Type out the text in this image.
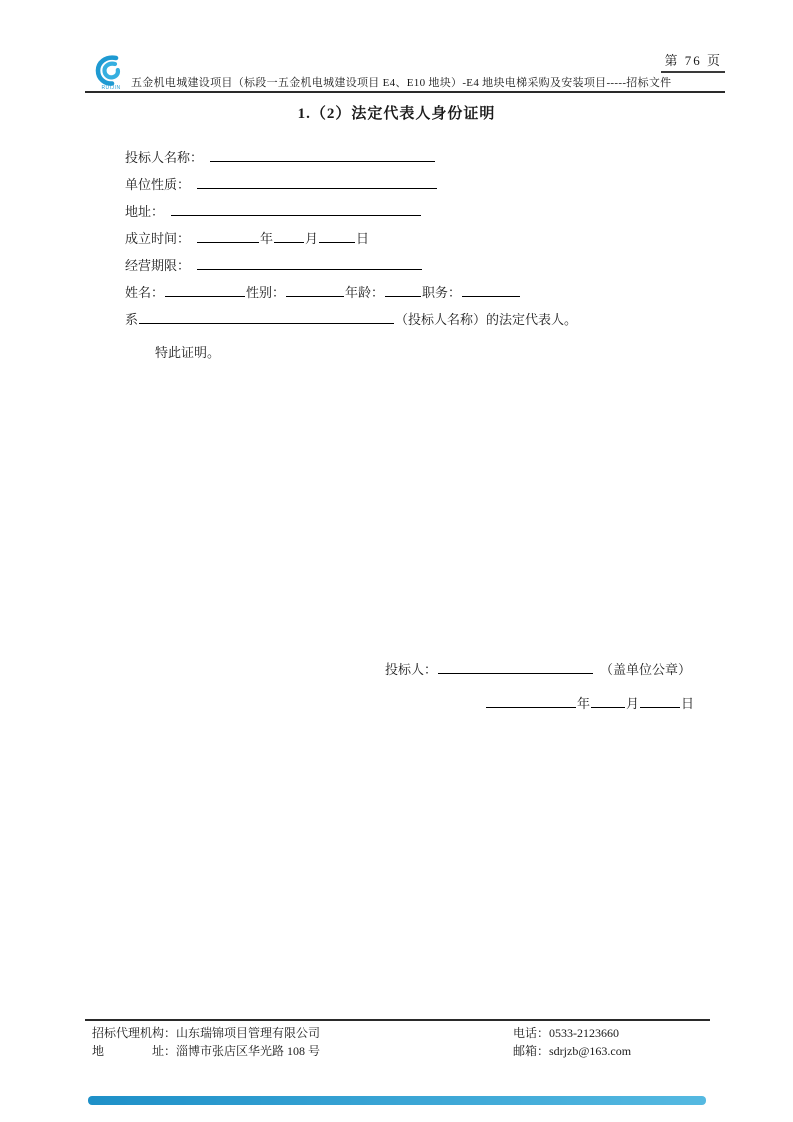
第 76 页
RUIJIN 五金机电城建设项目（标段一五金机电城建设项目 E4、E10 地块）-E4 地块电梯采购及安装项目-----招标文件
1.（2）法定代表人身份证明
投标人名称：
单位性质：
地址：
成立时间：	年 月	日
经营期限：
姓名：	性别：	年龄：	职务：
系	（投标人名称）的法定代表人。
特此证明。
投标人：	（盖单位公章）
年	月	日
招标代理机构：山东瑞锦项目管理有限公司	电话：0533-2123660
地　　　　址：淄博市张店区华光路 108 号	邮箱：sdrjzb@163.com
